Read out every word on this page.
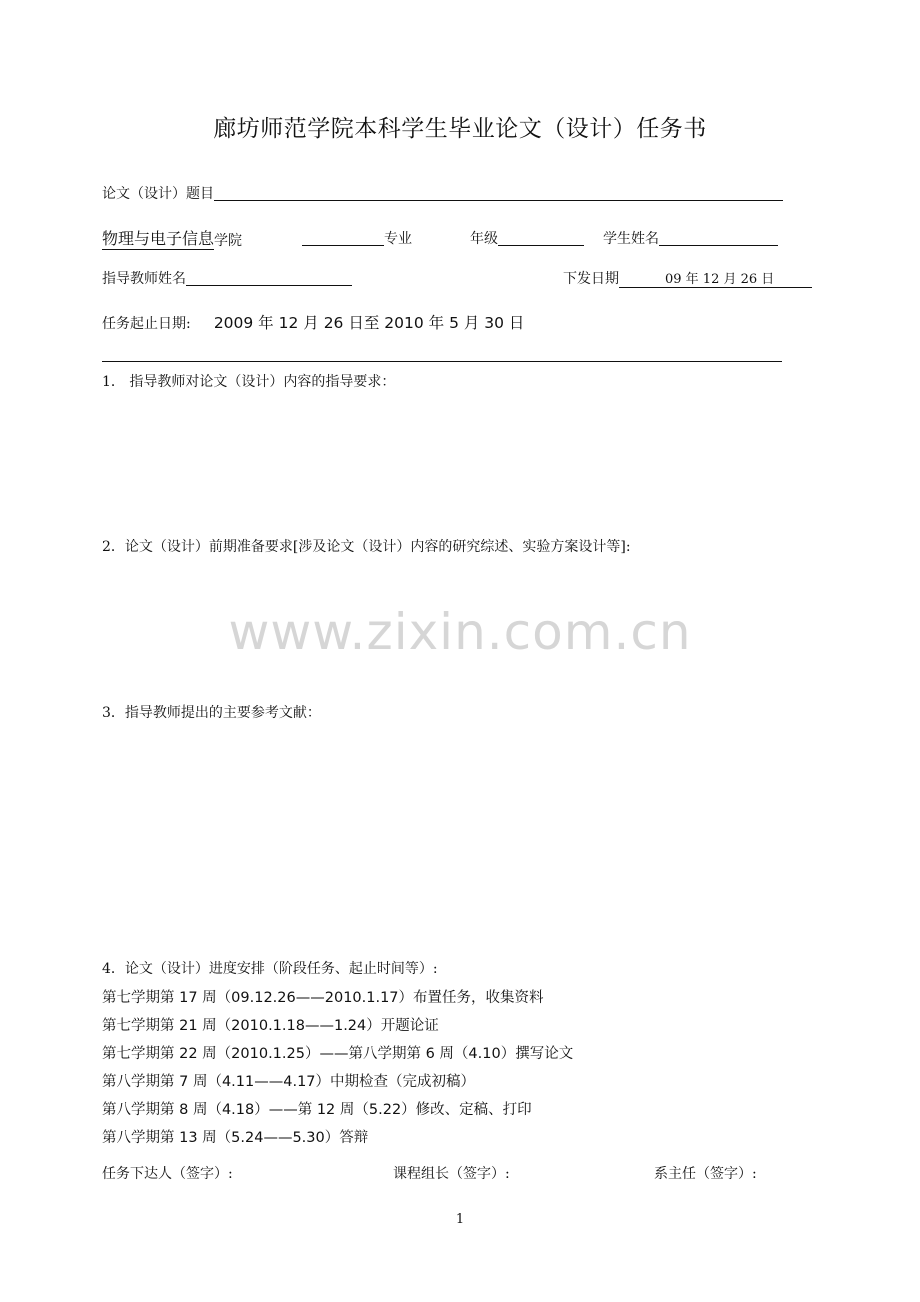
廊坊师范学院本科学生毕业论文（设计）任务书
论文（设计）题目
物理与电子信息学院	专业	年级	学生姓名
指导教师姓名	下发日期	09 年 12 月 26 日
任务起止日期: 2009 年 12 月 26 日至 2010 年 5 月 30 日
1． 指导教师对论文（设计）内容的指导要求：
2．论文（设计）前期准备要求[涉及论文（设计）内容的研究综述、实验方案设计等]:
3．指导教师提出的主要参考文献：
4．论文（设计）进度安排（阶段任务、起止时间等）:
www.zixin.com.cn
第七学期第 17 周（09.12.26——2010.1.17）布置任务，收集资料
第七学期第 21 周（2010.1.18——1.24）开题论证
第七学期第 22 周（2010.1.25）——第八学期第 6 周（4.10）撰写论文
第八学期第 7 周（4.11——4.17）中期检查（完成初稿）
第八学期第 8 周（4.18）——第 12 周（5.22）修改、定稿、打印
第八学期第 13 周（5.24——5.30）答辩
任务下达人（签字）:	课程组长（签字）:	系主任（签字）:
1
